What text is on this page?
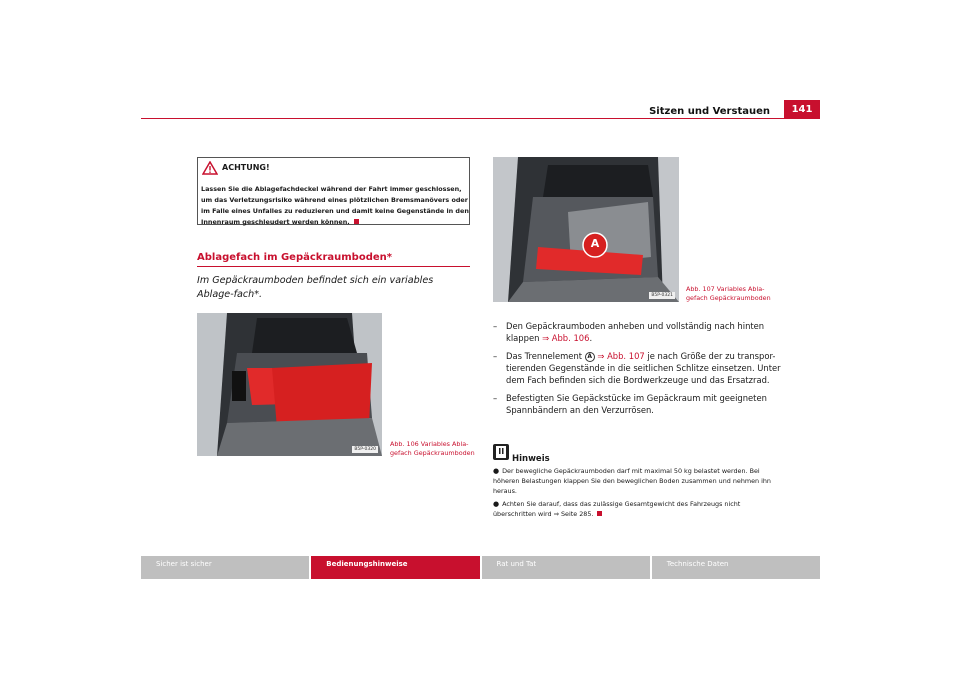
Sitzen und Verstauen	141
ACHTUNG!
Lassen Sie die Ablagefachdeckel während der Fahrt immer geschlossen, um das Verletzungsrisiko während eines plötzlichen Bremsmanövers oder im Falle eines Unfalles zu reduzieren und damit keine Gegenstände in den Innenraum geschleudert werden können.
Ablagefach im Gepäckraumboden*
Im Gepäckraumboden befindet sich ein variables Ablage-fach*.
B5P-0320
Abb. 106 Variables Abla-
gefach Gepäckraumboden
A
B5P-0321
Abb. 107 Variables Abla-
gefach Gepäckraumboden
– Den Gepäckraumboden anheben und vollständig nach hinten klappen ⇒ Abb. 106.
– Das Trennelement A ⇒ Abb. 107 je nach Größe der zu transpor-tierenden Gegenstände in die seitlichen Schlitze einsetzen. Unter dem Fach befinden sich die Bordwerkzeuge und das Ersatzrad.
– Befestigten Sie Gepäckstücke im Gepäckraum mit geeigneten Spannbändern an den Verzurrösen.
Hinweis

● Der bewegliche Gepäckraumboden darf mit maximal 50 kg belastet werden. Bei höheren Belastungen klappen Sie den beweglichen Boden zusammen und nehmen ihn heraus.

● Achten Sie darauf, dass das zulässige Gesamtgewicht des Fahrzeugs nicht überschritten wird ⇒ Seite 285.

Sicher ist sicher	Bedienungshinweise	Rat und Tat	Technische Daten
